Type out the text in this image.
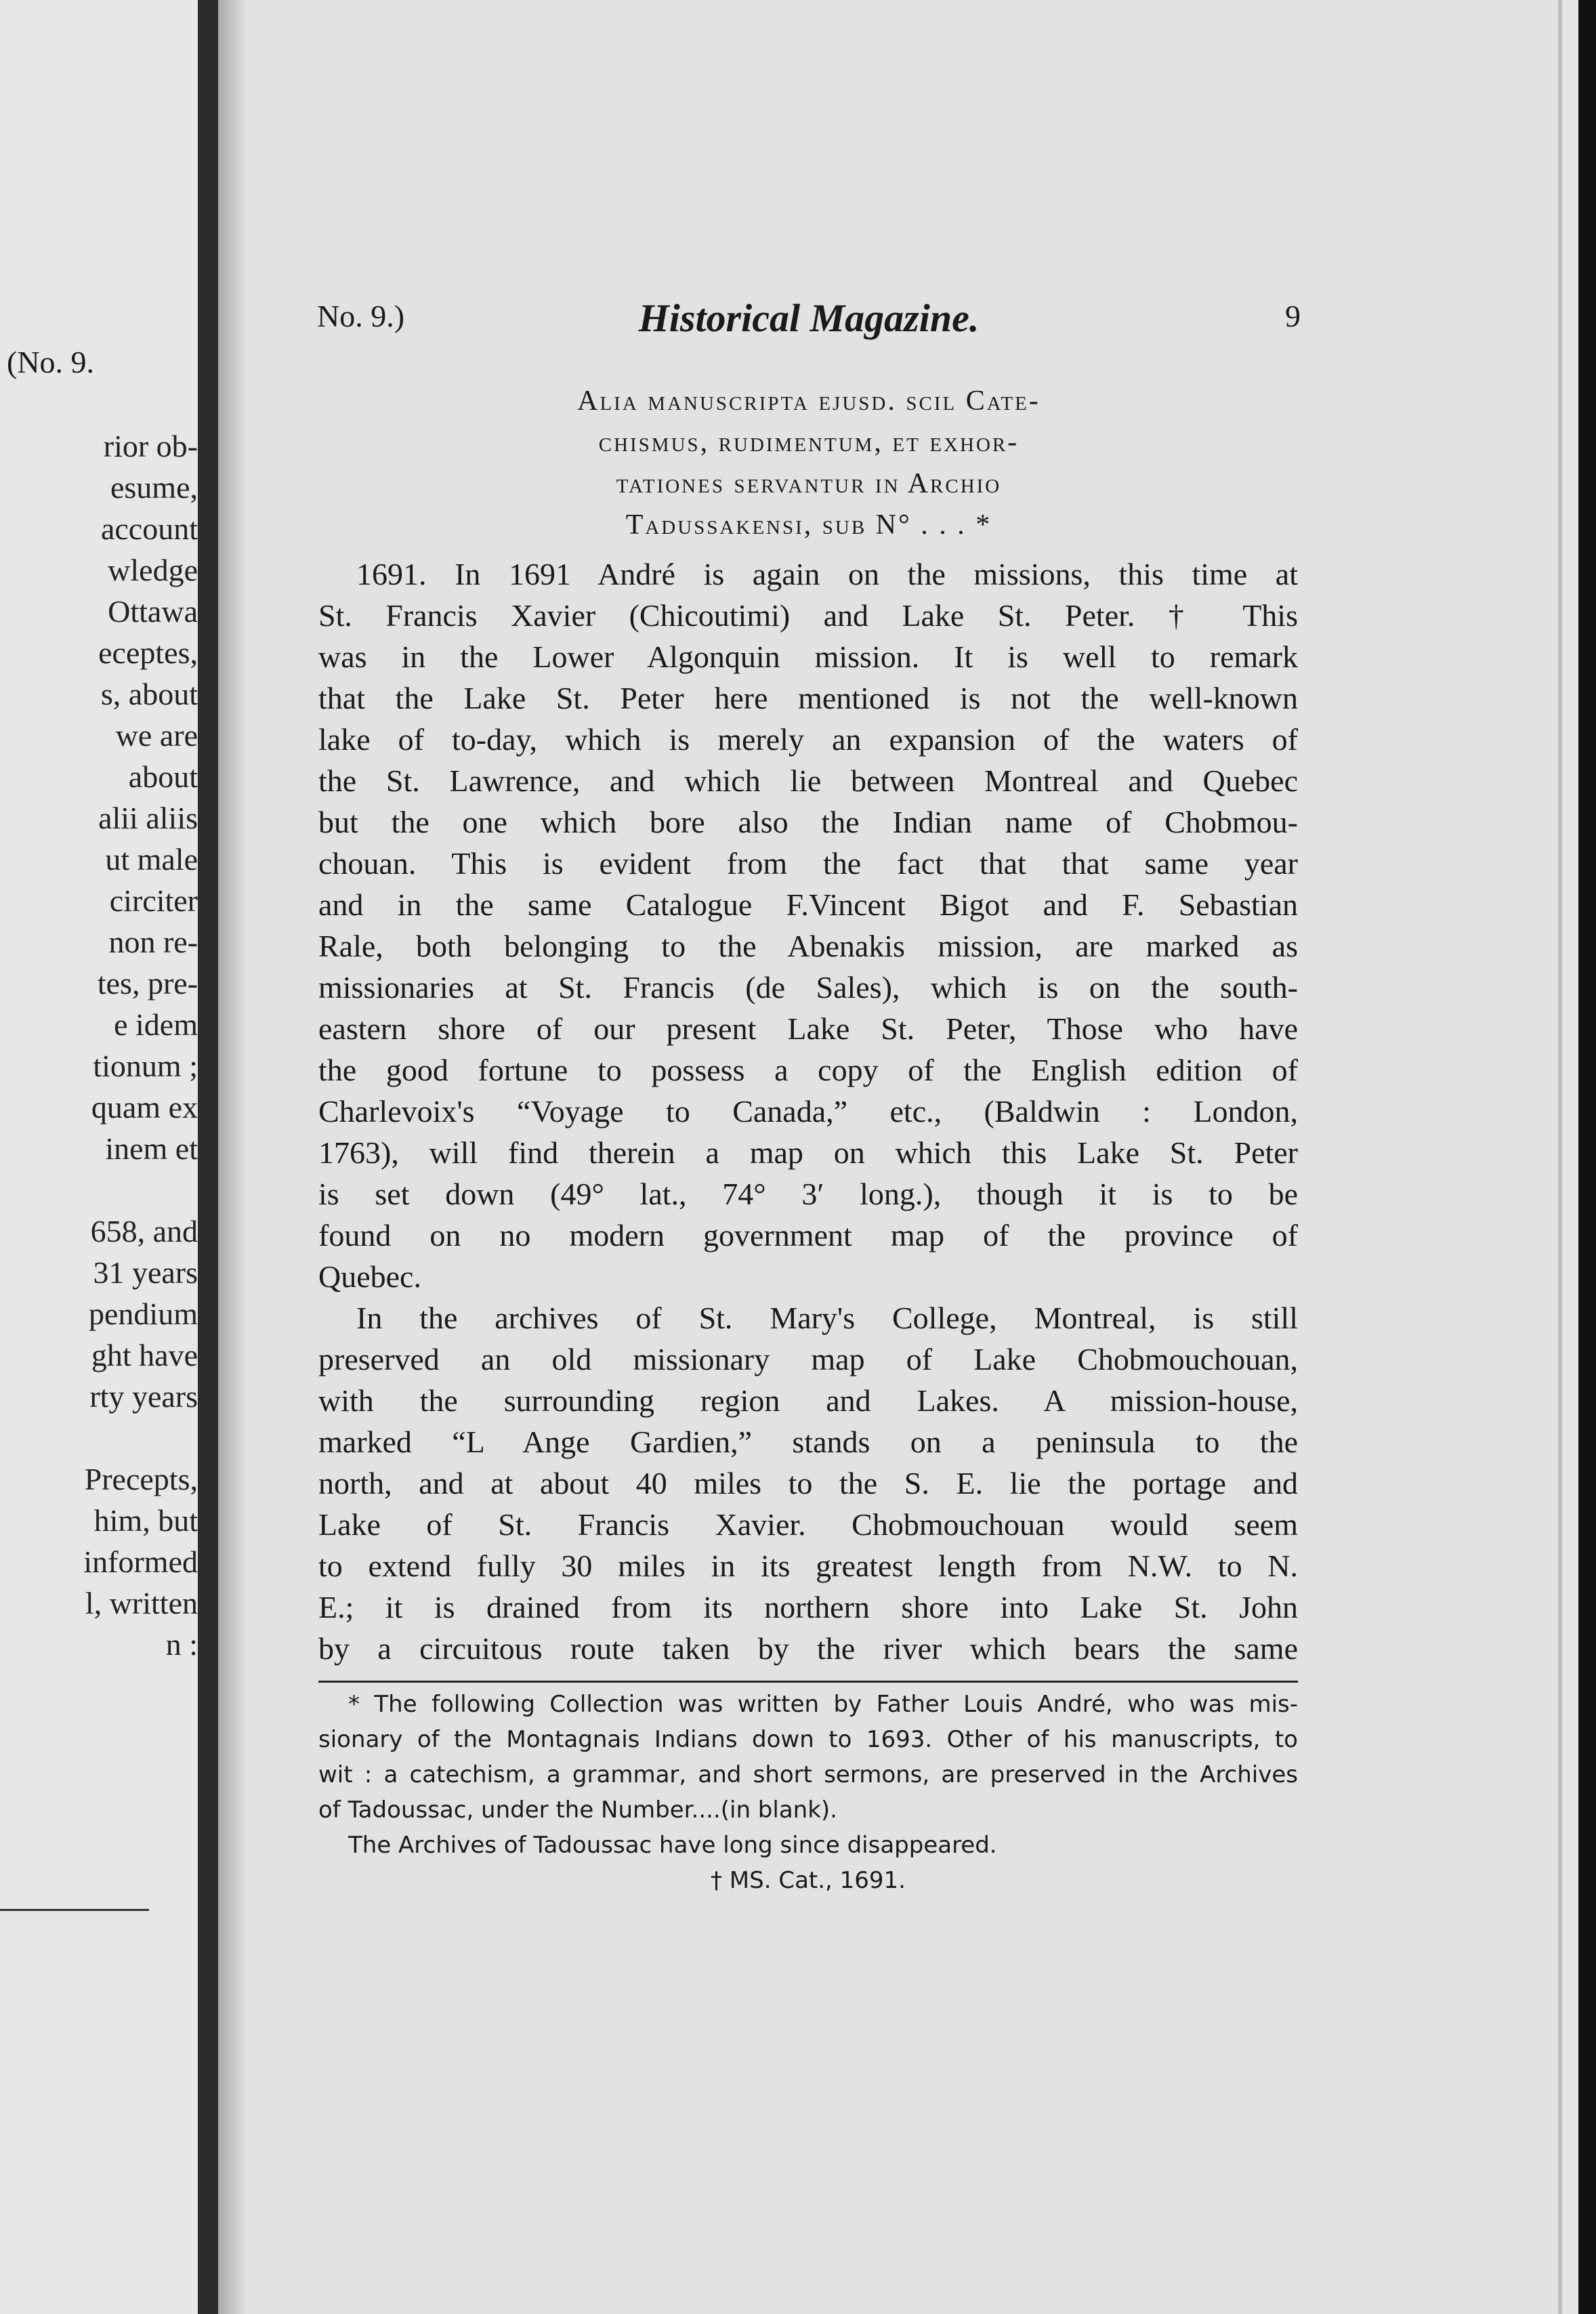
(No. 9.
rior ob-
esume,
account
wledge
Ottawa
eceptes,
s, about
we are
about
alii aliis
ut male
circiter
non re-
tes, pre-
e idem
tionum ;
quam ex
inem et
658, and
31 years
pendium
ght have
rty years
Precepts,
him, but
informed
l, written
n :
No. 9.)	Historical Magazine.	9
Alia manuscripta ejusd. scil Cate-
chismus, rudimentum, et exhor-
tationes servantur in Archio
Tadussakensi, sub N° . . . *
1691. In 1691 André is again on the missions, this time at
St. Francis Xavier (Chicoutimi) and Lake St. Peter. † This
was in the Lower Algonquin mission. It is well to remark
that the Lake St. Peter here mentioned is not the well-known
lake of to-day, which is merely an expansion of the waters of
the St. Lawrence, and which lie between Montreal and Quebec
but the one which bore also the Indian name of Chobmou-
chouan. This is evident from the fact that that same year
and in the same Catalogue F.Vincent Bigot and F. Sebastian
Rale, both belonging to the Abenakis mission, are marked as
missionaries at St. Francis (de Sales), which is on the south-
eastern shore of our present Lake St. Peter, Those who have
the good fortune to possess a copy of the English edition of
Charlevoix's “Voyage to Canada,” etc., (Baldwin : London,
1763), will find therein a map on which this Lake St. Peter
is set down (49° lat., 74° 3′ long.), though it is to be
found on no modern government map of the province of
Quebec.
In the archives of St. Mary's College, Montreal, is still
preserved an old missionary map of Lake Chobmouchouan,
with the surrounding region and Lakes. A mission-house,
marked “L Ange Gardien,” stands on a peninsula to the
north, and at about 40 miles to the S. E. lie the portage and
Lake of St. Francis Xavier. Chobmouchouan would seem
to extend fully 30 miles in its greatest length from N.W. to N.
E.; it is drained from its northern shore into Lake St. John
by a circuitous route taken by the river which bears the same
* The following Collection was written by Father Louis André, who was mis-
sionary of the Montagnais Indians down to 1693. Other of his manuscripts, to
wit : a catechism, a grammar, and short sermons, are preserved in the Archives
of Tadoussac, under the Number....(in blank).
The Archives of Tadoussac have long since disappeared.
† MS. Cat., 1691.
